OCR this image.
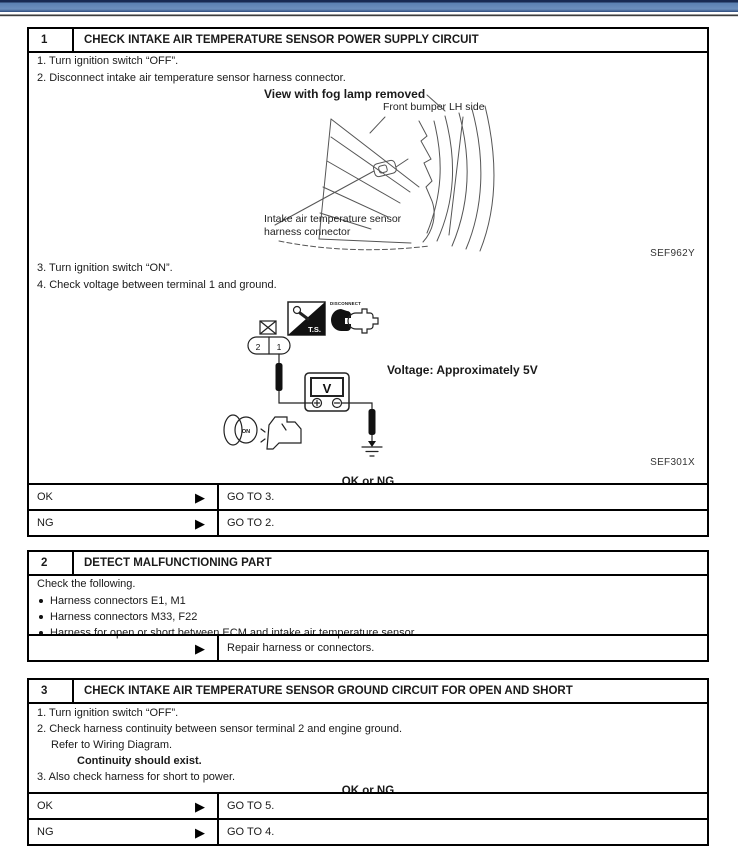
1	CHECK INTAKE AIR TEMPERATURE SENSOR POWER SUPPLY CIRCUIT
1. Turn ignition switch “OFF”.
2. Disconnect intake air temperature sensor harness connector.
View with fog lamp removed
Front bumper LH side
Intake air temperature sensor
harness connector
SEF962Y
3. Turn ignition switch “ON”.
4. Check voltage between terminal 1 and ground.
T.S.
DISCONNECT
2 1
V
ON
Voltage: Approximately 5V
SEF301X
OK or NG
OK	▶	GO TO 3.
NG	▶	GO TO 2.
2	DETECT MALFUNCTIONING PART
Check the following.
Harness connectors E1, M1
Harness connectors M33, F22
Harness for open or short between ECM and intake air temperature sensor
▶	Repair harness or connectors.
3	CHECK INTAKE AIR TEMPERATURE SENSOR GROUND CIRCUIT FOR OPEN AND SHORT
1. Turn ignition switch “OFF”.
2. Check harness continuity between sensor terminal 2 and engine ground.
Refer to Wiring Diagram.
Continuity should exist.
3. Also check harness for short to power.
OK or NG
OK	▶	GO TO 5.
NG	▶	GO TO 4.
